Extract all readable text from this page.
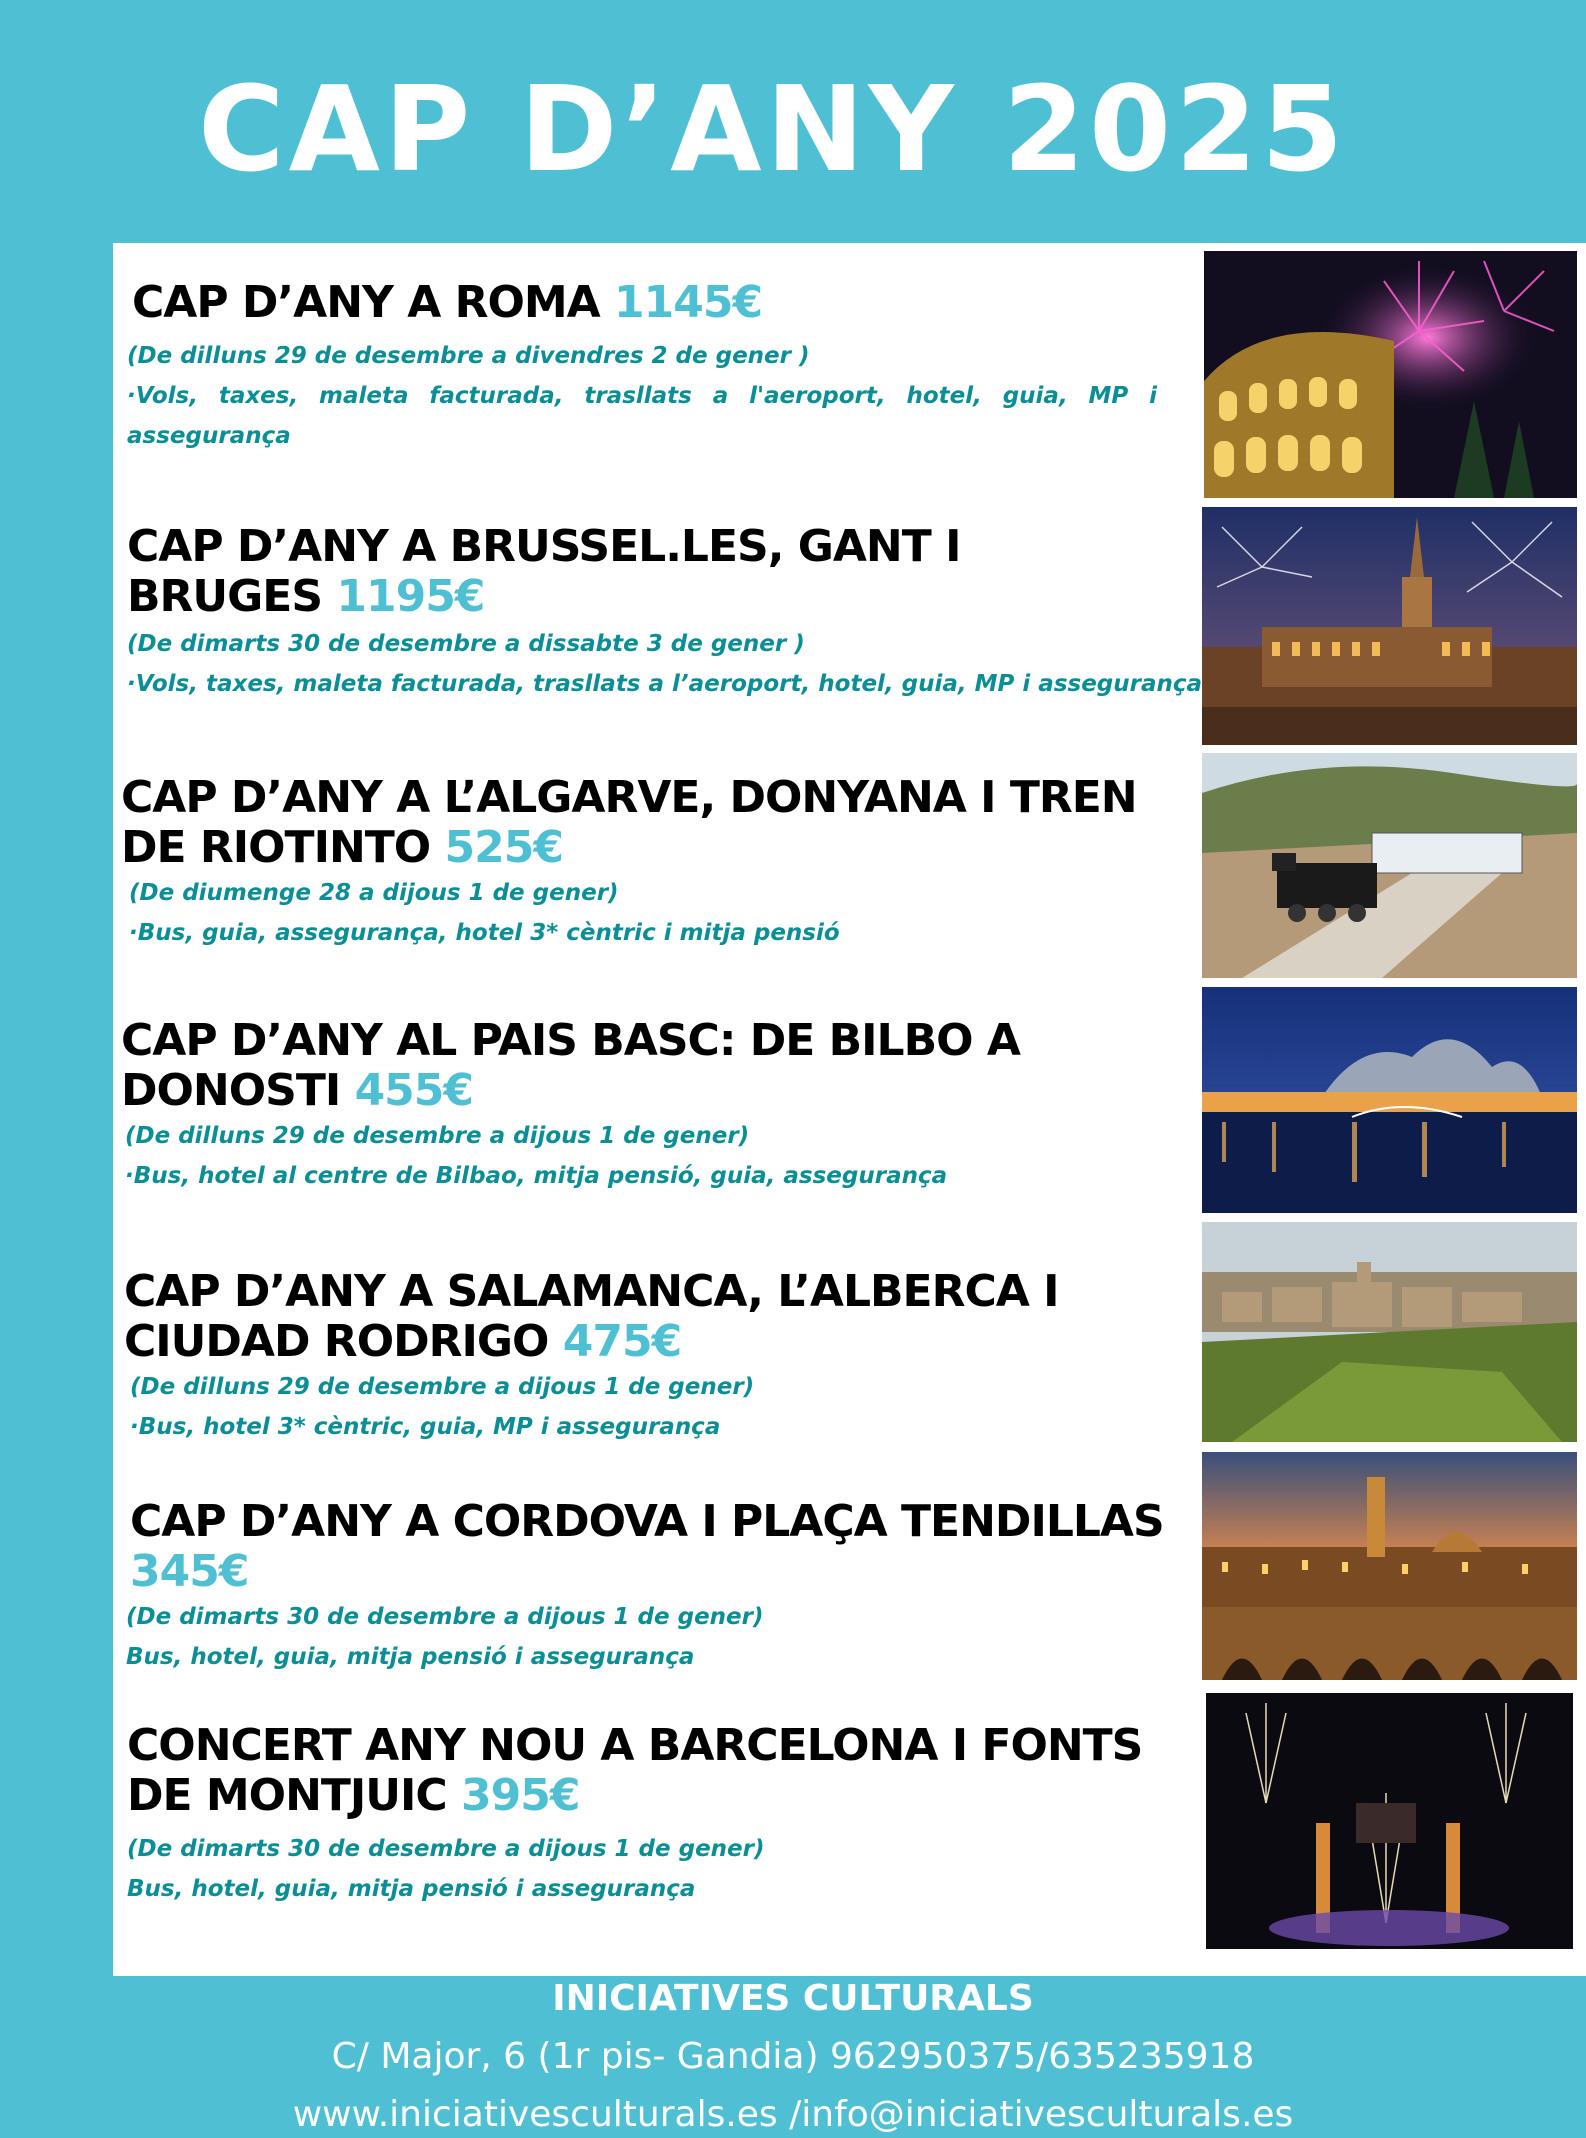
CAP D’ANY 2025
CAP D’ANY A ROMA 1145€
(De dilluns 29 de desembre a divendres 2 de gener )
·Vols, taxes, maleta facturada, trasllats a l'aeroport, hotel, guia, MP i assegurança
CAP D’ANY A BRUSSEL.LES, GANT I BRUGES 1195€
(De dimarts 30 de desembre a dissabte 3 de gener )
·Vols, taxes, maleta facturada, trasllats a l’aeroport, hotel, guia, MP i assegurança
CAP D’ANY A L’ALGARVE, DONYANA I TREN DE RIOTINTO 525€
(De diumenge 28 a dijous 1 de gener)
·Bus, guia, assegurança, hotel 3* cèntric i mitja pensió
CAP D’ANY AL PAIS BASC: DE BILBO A DONOSTI 455€
(De dilluns 29 de desembre a dijous 1 de gener)
·Bus, hotel al centre de Bilbao, mitja pensió, guia, assegurança
CAP D’ANY A SALAMANCA, L’ALBERCA I CIUDAD RODRIGO 475€
(De dilluns 29 de desembre a dijous 1 de gener)
·Bus, hotel 3* cèntric, guia, MP i assegurança
CAP D’ANY A CORDOVA I PLAÇA TENDILLAS 345€
(De dimarts 30 de desembre a dijous 1 de gener)
Bus, hotel, guia, mitja pensió i assegurança
CONCERT ANY NOU A BARCELONA I FONTS DE MONTJUIC 395€
(De dimarts 30 de desembre a dijous 1 de gener)
Bus, hotel, guia, mitja pensió i assegurança
INICIATIVES CULTURALS
C/ Major, 6 (1r pis- Gandia) 962950375/635235918
www.iniciativesculturals.es /info@iniciativesculturals.es
